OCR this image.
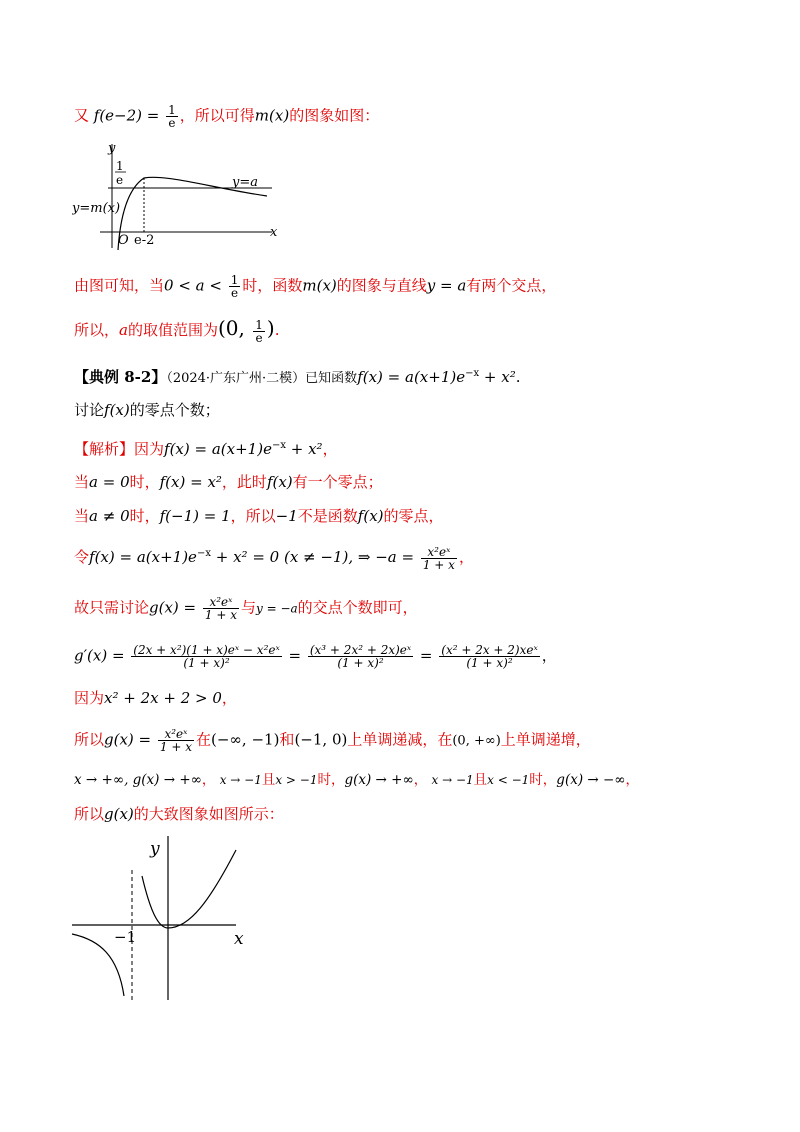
又 $f(e-2) = \frac{1}{e}$ ，所以可得m(x)的图象如图：
y
x
O e-2
1
e	y=a
y=m(x)
由图可知，当$0 < a < \frac{1}{e}$ 时，函数m(x)的图象与直线y = a有两个交点，
所以，a的取值范围为(0, $\frac{1}{e}$ ).
【典例 8-2】（2024·广东广州·二模）已知函数$f(x) = a(x+1)e^{-x} + x^2$.
讨论f(x)的零点个数；
【解析】因为$f(x) = a(x+1)e^{-x} + x^2$，
当a = 0时，f(x) = x²，此时f(x)有一个零点；
当a ≠ 0时，f(−1) = 1，所以−1不是函数f(x)的零点，
令$f(x) = a(x+1)e^{-x} + x^2 = 0$ (x ≠ −1), ⇒ $-a = \frac{\text{x²eˣ}}{1 + x}$ ，
故只需讨论$g(x) = \frac{\text{x²eˣ}}{1 + x}$ 与y = −a的交点个数即可，
$g'(x) = \frac{\text{(2x + x²)(1 + x)eˣ − x²eˣ}}{\text{(1 + x)²}} = \frac{\text{(x³ + 2x² + 2x)eˣ}}{\text{(1 + x)²}} = \frac{\text{(x² + 2x + 2)xeˣ}}{\text{(1 + x)²}}$ ，
因为x² + 2x + 2 > 0，
所以$g(x) = \frac{\text{x²eˣ}}{1 + x}$ 在(−∞, −1)和(−1, 0)上单调递减，在(0, +∞)上单调递增，
x → +∞, g(x) → +∞， x → −1且x > −1时，g(x) → +∞， x → −1且x < −1时，g(x) → −∞，
所以g(x)的大致图象如图所示：
y
x
−1
